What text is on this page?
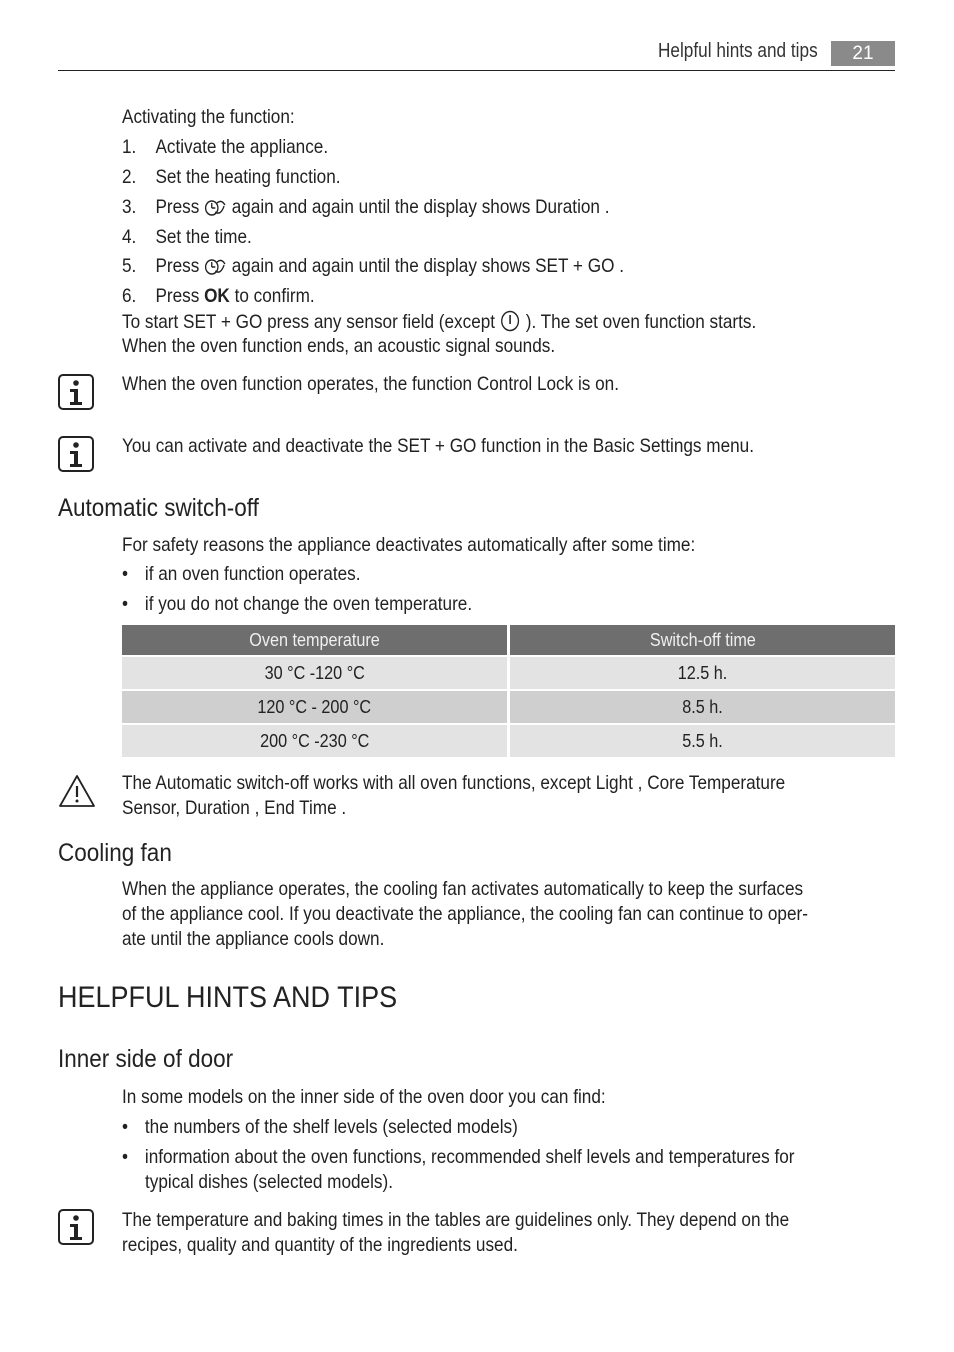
Helpful hints and tips	21
Activating the function:
1. Activate the appliance.
2. Set the heating function.
3. Press again and again until the display shows Duration .
4. Set the time.
5. Press again and again until the display shows SET + GO .
6. Press OK to confirm.
To start SET + GO press any sensor field (except ). The set oven function starts.
When the oven function ends, an acoustic signal sounds.
When the oven function operates, the function Control Lock is on.
You can activate and deactivate the SET + GO function in the Basic Settings menu.
Automatic switch-off
For safety reasons the appliance deactivates automatically after some time:
• if an oven function operates.
• if you do not change the oven temperature.
Oven temperature	Switch-off time
30 °C -120 °C	12.5 h.
120 °C - 200 °C	8.5 h.
200 °C -230 °C	5.5 h.
The Automatic switch-off works with all oven functions, except Light , Core Temperature
Sensor, Duration , End Time .
Cooling fan
When the appliance operates, the cooling fan activates automatically to keep the surfaces
of the appliance cool. If you deactivate the appliance, the cooling fan can continue to oper-
ate until the appliance cools down.
HELPFUL HINTS AND TIPS
Inner side of door
In some models on the inner side of the oven door you can find:
• the numbers of the shelf levels (selected models)
• information about the oven functions, recommended shelf levels and temperatures for
typical dishes (selected models).
The temperature and baking times in the tables are guidelines only. They depend on the
recipes, quality and quantity of the ingredients used.
